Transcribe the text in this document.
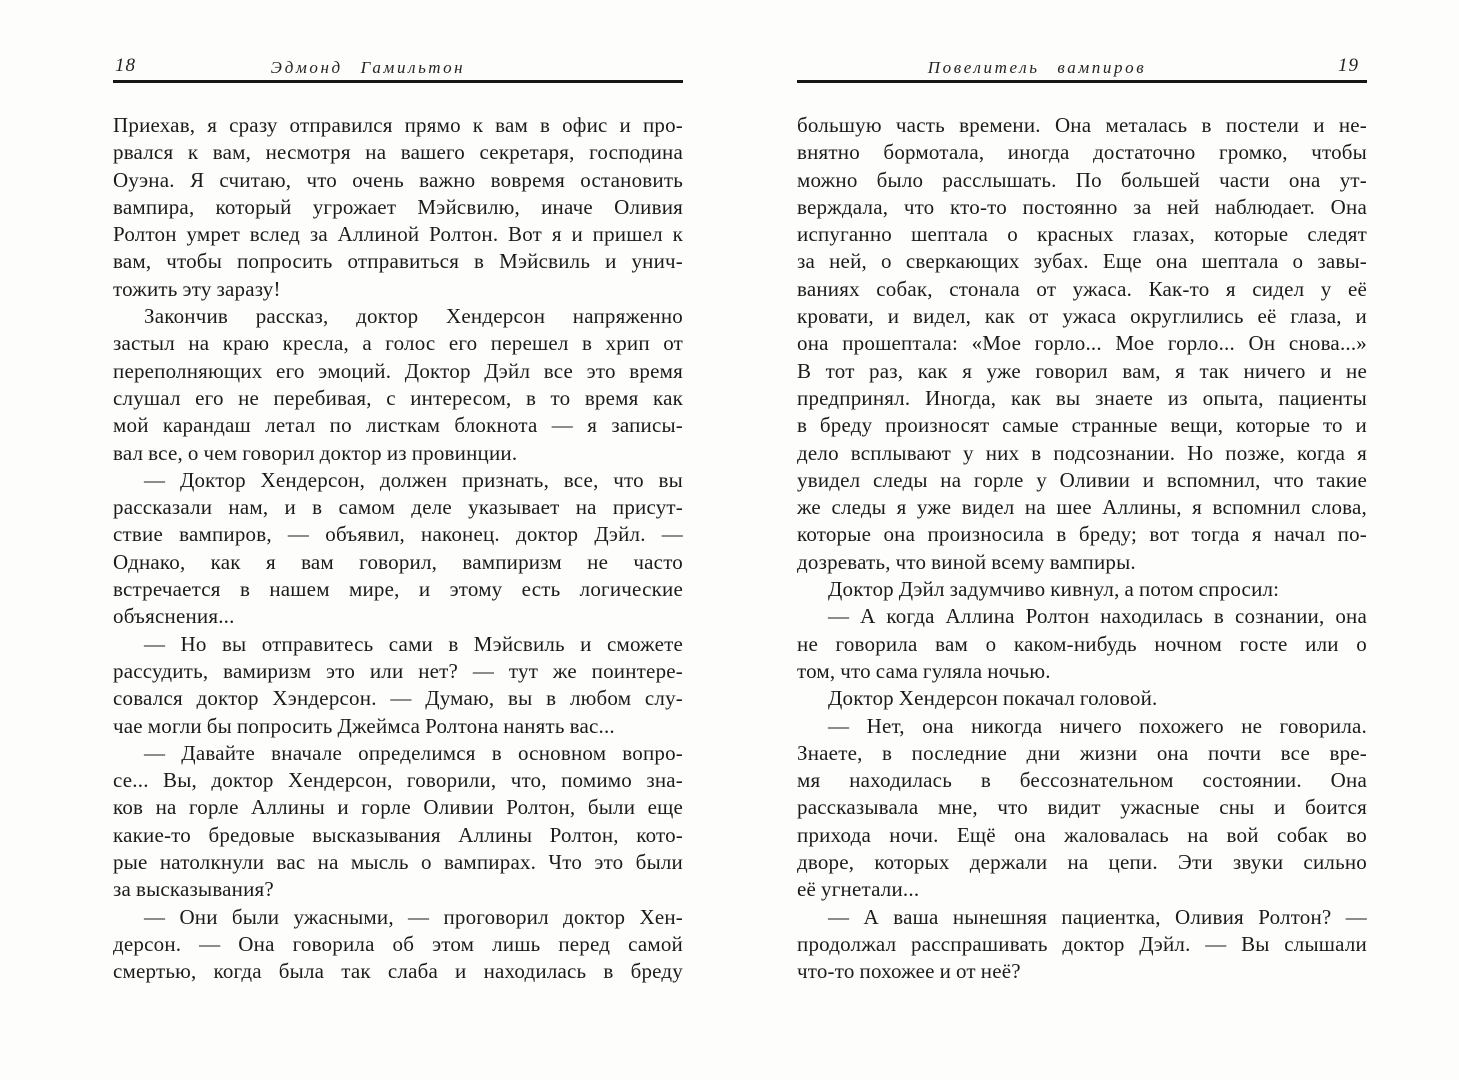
18	Эдмонд Гамильтон
Приехав, я сразу отправился прямо к вам в офис и про-
рвался к вам, несмотря на вашего секретаря, господина
Оуэна. Я считаю, что очень важно вовремя остановить
вампира, который угрожает Мэйсвилю, иначе Оливия
Ролтон умрет вслед за Аллиной Ролтон. Вот я и пришел к
вам, чтобы попросить отправиться в Мэйсвиль и унич-
тожить эту заразу!
Закончив рассказ, доктор Хендерсон напряженно
застыл на краю кресла, а голос его перешел в хрип от
переполняющих его эмоций. Доктор Дэйл все это время
слушал его не перебивая, с интересом, в то время как
мой карандаш летал по листкам блокнота — я записы-
вал все, о чем говорил доктор из провинции.
— Доктор Хендерсон, должен признать, все, что вы
рассказали нам, и в самом деле указывает на присут-
ствие вампиров, — объявил, наконец. доктор Дэйл. —
Однако, как я вам говорил, вампиризм не часто
встречается в нашем мире, и этому есть логические
объяснения...
— Но вы отправитесь сами в Мэйсвиль и сможете
рассудить, вамиризм это или нет? — тут же поинтере-
совался доктор Хэндерсон. — Думаю, вы в любом слу-
чае могли бы попросить Джеймса Ролтона нанять вас...
— Давайте вначале определимся в основном вопро-
се... Вы, доктор Хендерсон, говорили, что, помимо зна-
ков на горле Аллины и горле Оливии Ролтон, были еще
какие-то бредовые высказывания Аллины Ролтон, кото-
рые натолкнули вас на мысль о вампирах. Что это были
за высказывания?
— Они были ужасными, — проговорил доктор Хен-
дерсон. — Она говорила об этом лишь перед самой
смертью, когда была так слаба и находилась в бреду
Повелитель вампиров	19
большую часть времени. Она металась в постели и не-
внятно бормотала, иногда достаточно громко, чтобы
можно было расслышать. По большей части она ут-
верждала, что кто-то постоянно за ней наблюдает. Она
испуганно шептала о красных глазах, которые следят
за ней, о сверкающих зубах. Еще она шептала о завы-
ваниях собак, стонала от ужаса. Как-то я сидел у её
кровати, и видел, как от ужаса округлились её глаза, и
она прошептала: «Мое горло... Мое горло... Он снова...»
В тот раз, как я уже говорил вам, я так ничего и не
предпринял. Иногда, как вы знаете из опыта, пациенты
в бреду произносят самые странные вещи, которые то и
дело всплывают у них в подсознании. Но позже, когда я
увидел следы на горле у Оливии и вспомнил, что такие
же следы я уже видел на шее Аллины, я вспомнил слова,
которые она произносила в бреду; вот тогда я начал по-
дозревать, что виной всему вампиры.
Доктор Дэйл задумчиво кивнул, а потом спросил:
— А когда Аллина Ролтон находилась в сознании, она
не говорила вам о каком-нибудь ночном госте или о
том, что сама гуляла ночью.
Доктор Хендерсон покачал головой.
— Нет, она никогда ничего похожего не говорила.
Знаете, в последние дни жизни она почти все вре-
мя находилась в бессознательном состоянии. Она
рассказывала мне, что видит ужасные сны и боится
прихода ночи. Ещё она жаловалась на вой собак во
дворе, которых держали на цепи. Эти звуки сильно
её угнетали...
— А ваша нынешняя пациентка, Оливия Ролтон? —
продолжал расспрашивать доктор Дэйл. — Вы слышали
что-то похожее и от неё?
